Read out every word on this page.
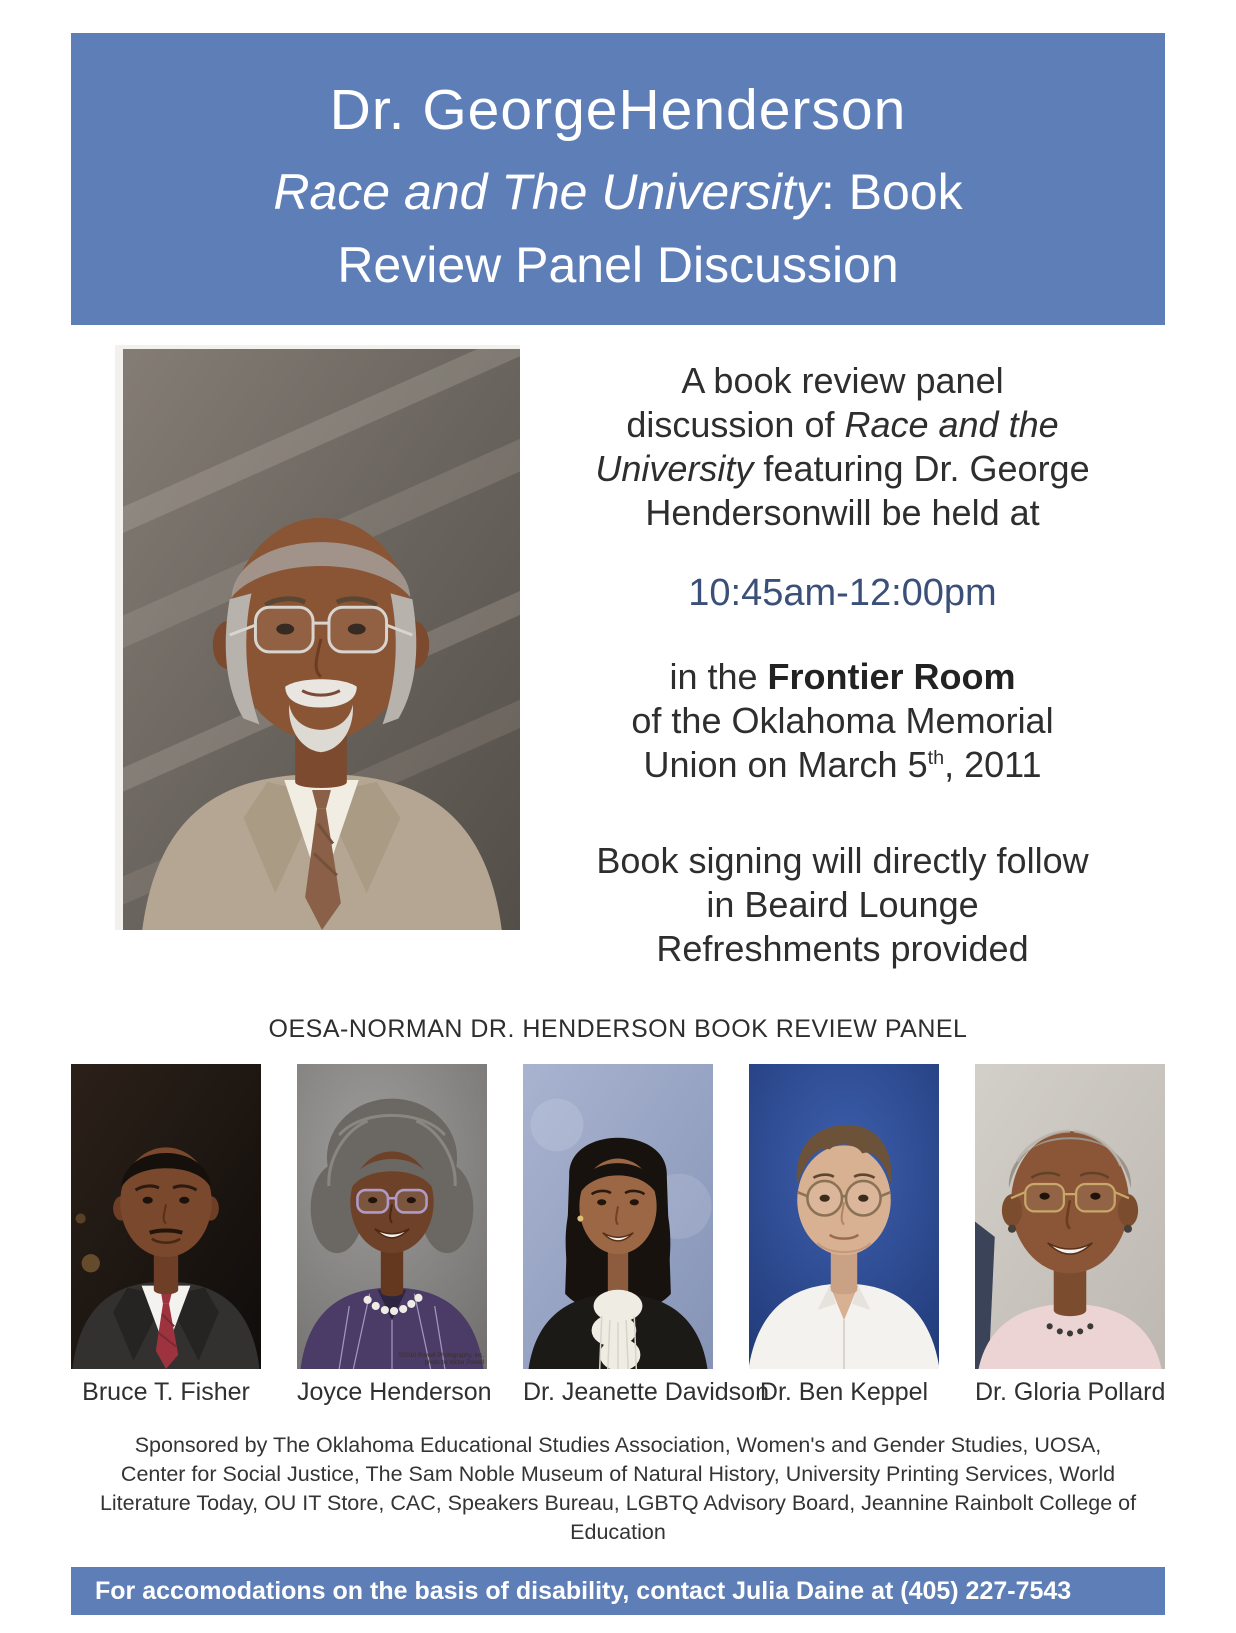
Dr. GeorgeHenderson
Race and The University: Book
Review Panel Discussion

A book review panel
discussion of Race and the
University featuring Dr. George
Hendersonwill be held at

10:45am-12:00pm

in the Frontier Room
of the Oklahoma Memorial
Union on March 5th, 2011

Book signing will directly follow
in Beaird Lounge
Refreshments provided

OESA-NORMAN DR. HENDERSON BOOK REVIEW PANEL
Bruce T. Fisher
©2010 Powell Photography, Inc.
photo by Victor Powell
Joyce Henderson Dr. Jeanette Davidson
Dr. Ben Keppel	Dr. Gloria Pollard

Sponsored by The Oklahoma Educational Studies Association, Women's and Gender Studies, UOSA,
Center for Social Justice, The Sam Noble Museum of Natural History, University Printing Services, World
Literature Today, OU IT Store, CAC, Speakers Bureau, LGBTQ Advisory Board, Jeannine Rainbolt College of
Education

For accomodations on the basis of disability, contact Julia Daine at (405) 227-7543
